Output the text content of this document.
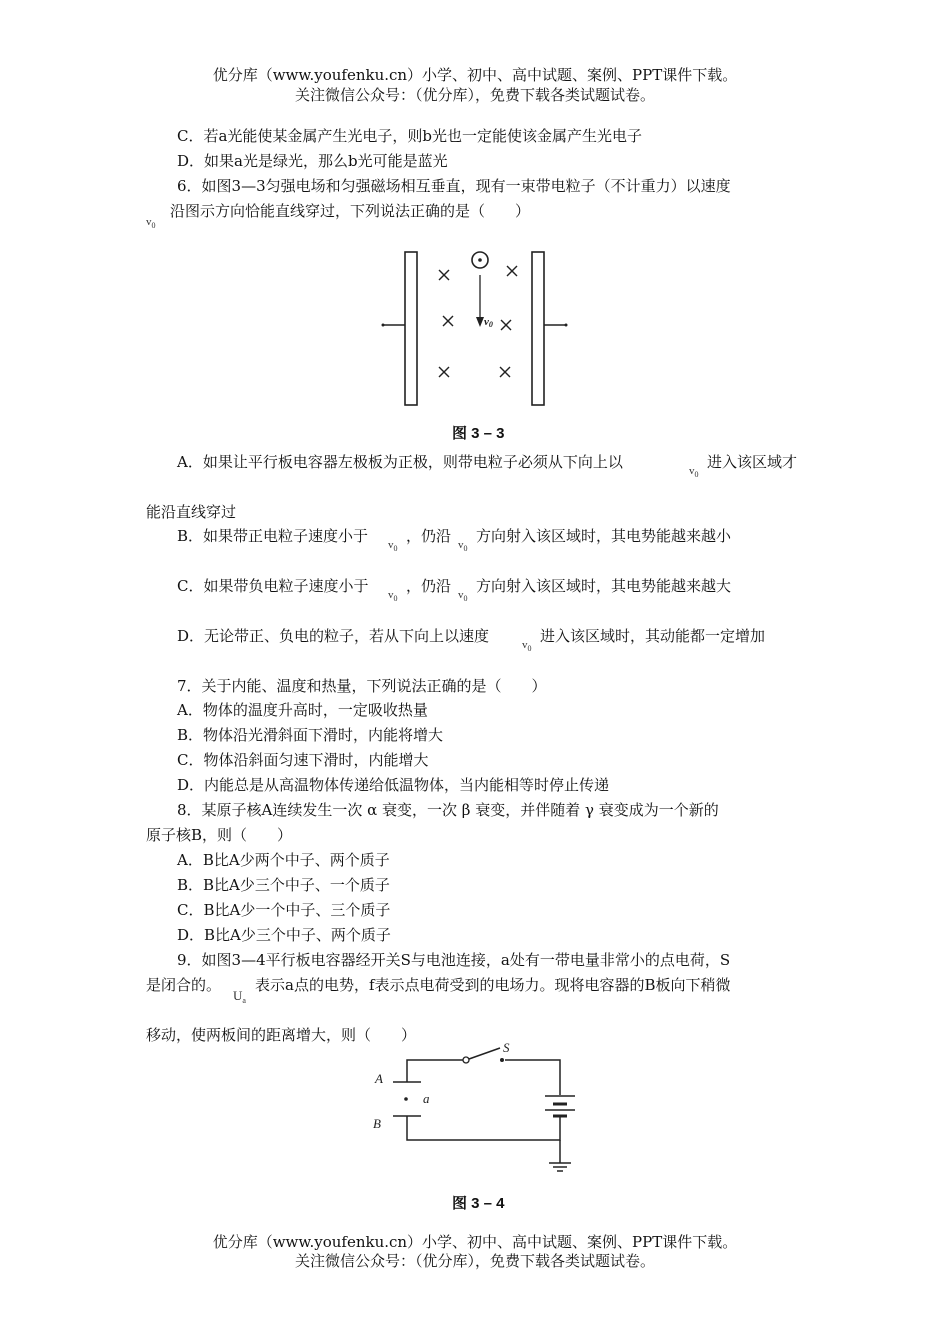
优分库（www.youfenku.cn）小学、初中、高中试题、案例、PPT课件下载。
关注微信公众号：（优分库），免费下载各类试题试卷。
C．若a光能使某金属产生光电子，则b光也一定能使该金属产生光电子
D．如果a光是绿光，那么b光可能是蓝光
6．如图3—3匀强电场和匀强磁场相互垂直，现有一束带电粒子（不计重力）以速度
沿图示方向恰能直线穿过，下列说法正确的是（　　）
$v_0$
v0
图 3 – 3
A．如果让平行板电容器左极板为正极，则带电粒子必须从下向上以	$v_0$
进入该区域才
能沿直线穿过
B．如果带正电粒子速度小于 $v_0$
，仍沿 $v_0$
方向射入该区域时，其电势能越来越小
C．如果带负电粒子速度小于 $v_0$
，仍沿 $v_0$
方向射入该区域时，其电势能越来越大
D．无论带正、负电的粒子，若从下向上以速度	$v_0$
进入该区域时，其动能都一定增加
7．关于内能、温度和热量，下列说法正确的是（　　）
A．物体的温度升高时，一定吸收热量
B．物体沿光滑斜面下滑时，内能将增大
C．物体沿斜面匀速下滑时，内能增大
D．内能总是从高温物体传递给低温物体，当内能相等时停止传递
8．某原子核A连续发生一次 α 衰变，一次 β 衰变，并伴随着 γ 衰变成为一个新的
原子核B，则（　　）
A．B比A少两个中子、两个质子
B．B比A少三个中子、一个质子
C．B比A少一个中子、三个质子
D．B比A少三个中子、两个质子
9．如图3—4平行板电容器经开关S与电池连接，a处有一带电量非常小的点电荷，S
是闭合的。
$U_a$
表示a点的电势，f表示点电荷受到的电场力。现将电容器的B板向下稍微
移动，使两板间的距离增大，则（　　）
S
A
a
B
图 3 – 4
优分库（www.youfenku.cn）小学、初中、高中试题、案例、PPT课件下载。
关注微信公众号：（优分库），免费下载各类试题试卷。
